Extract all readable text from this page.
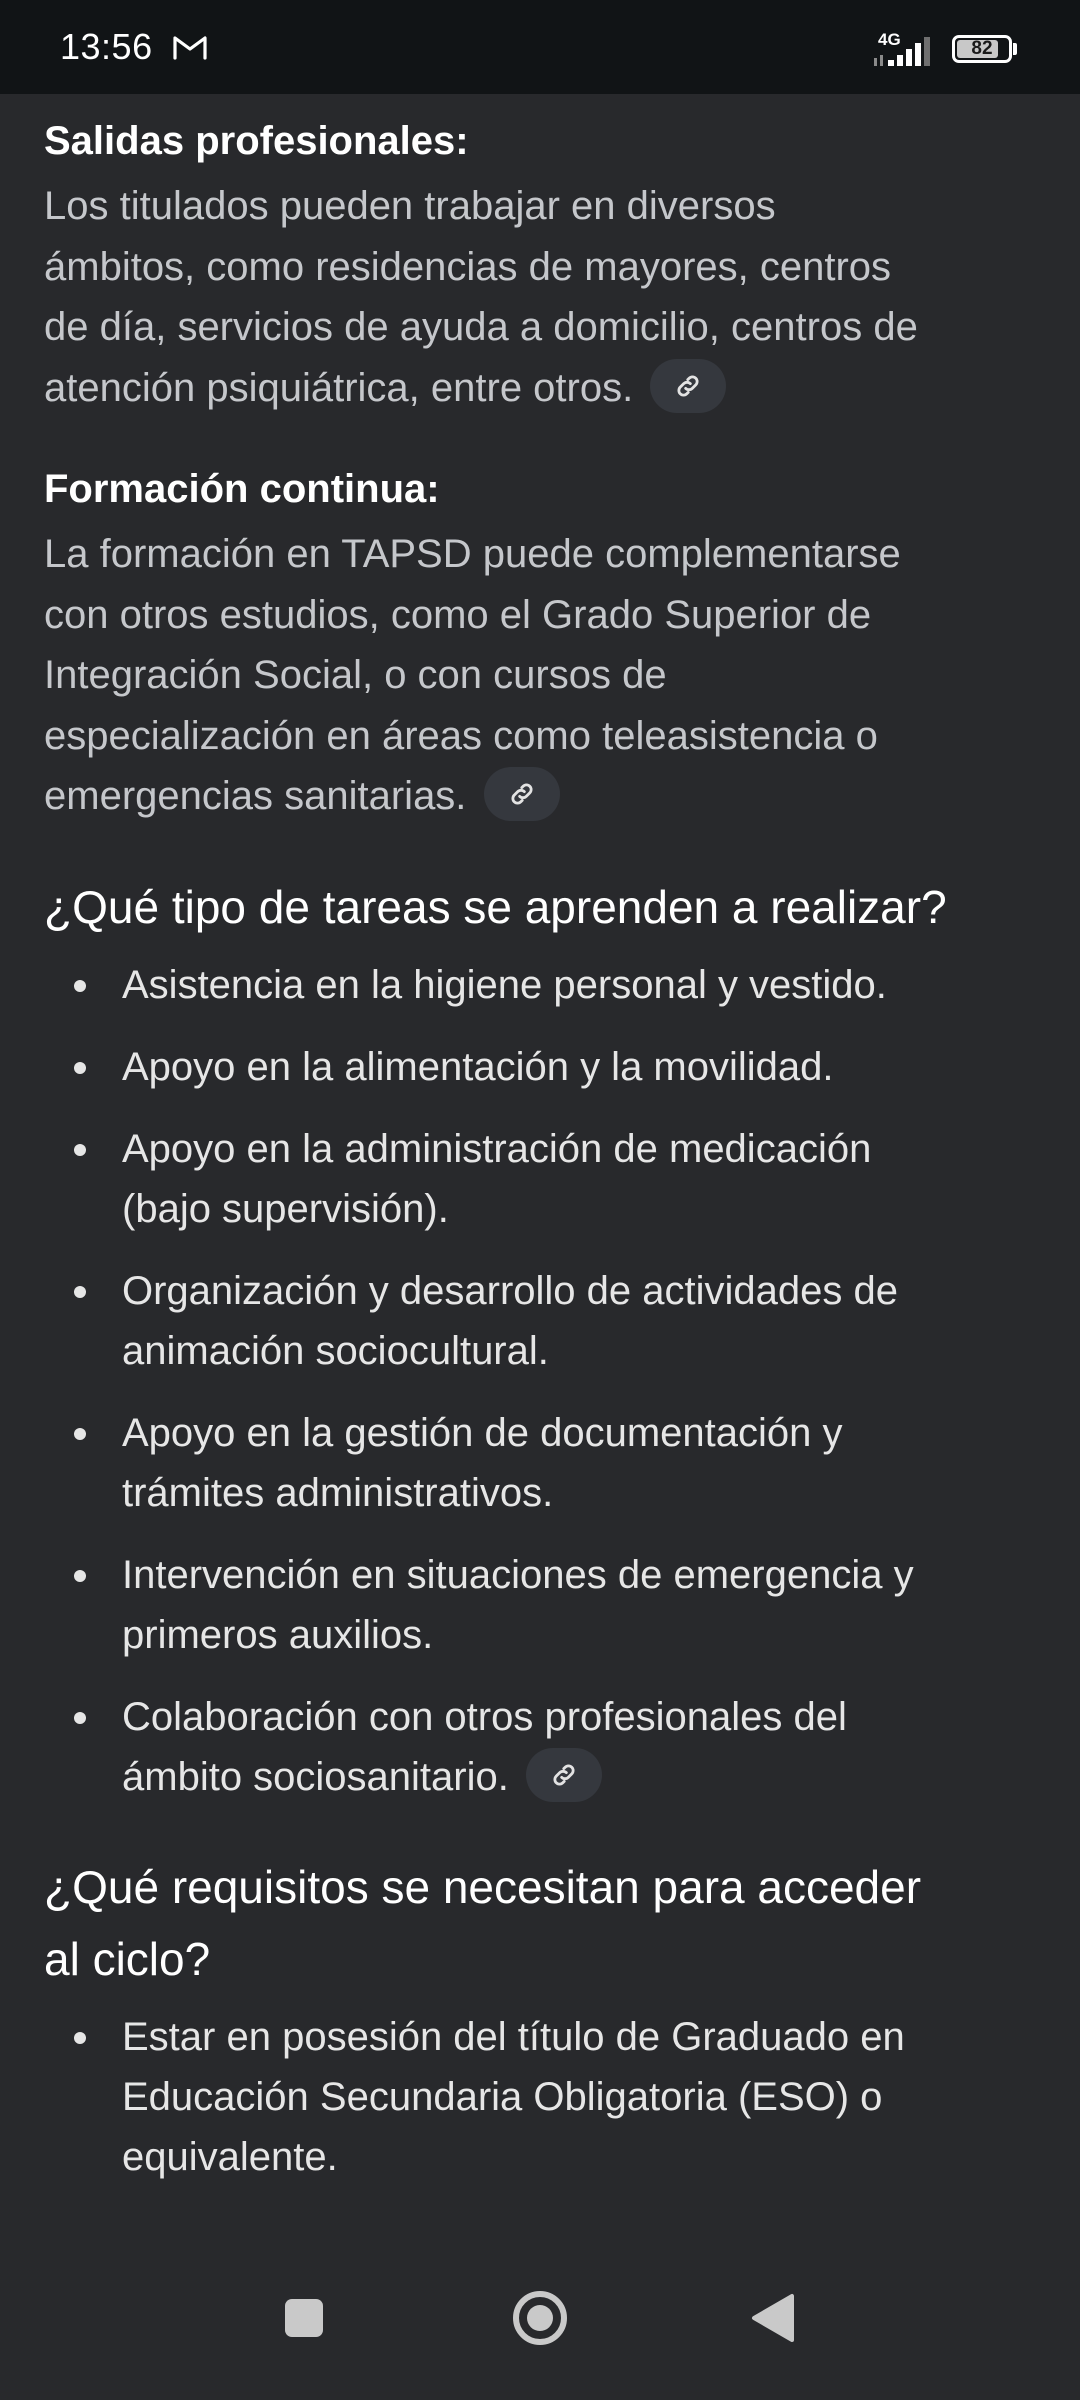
13:56	4G	82

Salidas profesionales:

Los titulados pueden trabajar en diversos
ámbitos, como residencias de mayores, centros
de día, servicios de ayuda a domicilio, centros de
atención psiquiátrica, entre otros.

Formación continua:

La formación en TAPSD puede complementarse
con otros estudios, como el Grado Superior de
Integración Social, o con cursos de
especialización en áreas como teleasistencia o
emergencias sanitarias.

¿Qué tipo de tareas se aprenden a realizar?

Asistencia en la higiene personal y vestido.
Apoyo en la alimentación y la movilidad.
Apoyo en la administración de medicación
(bajo supervisión).
Organización y desarrollo de actividades de
animación sociocultural.
Apoyo en la gestión de documentación y
trámites administrativos.
Intervención en situaciones de emergencia y
primeros auxilios.
Colaboración con otros profesionales del
ámbito sociosanitario.

¿Qué requisitos se necesitan para acceder
al ciclo?

Estar en posesión del título de Graduado en
Educación Secundaria Obligatoria (ESO) o
equivalente.
